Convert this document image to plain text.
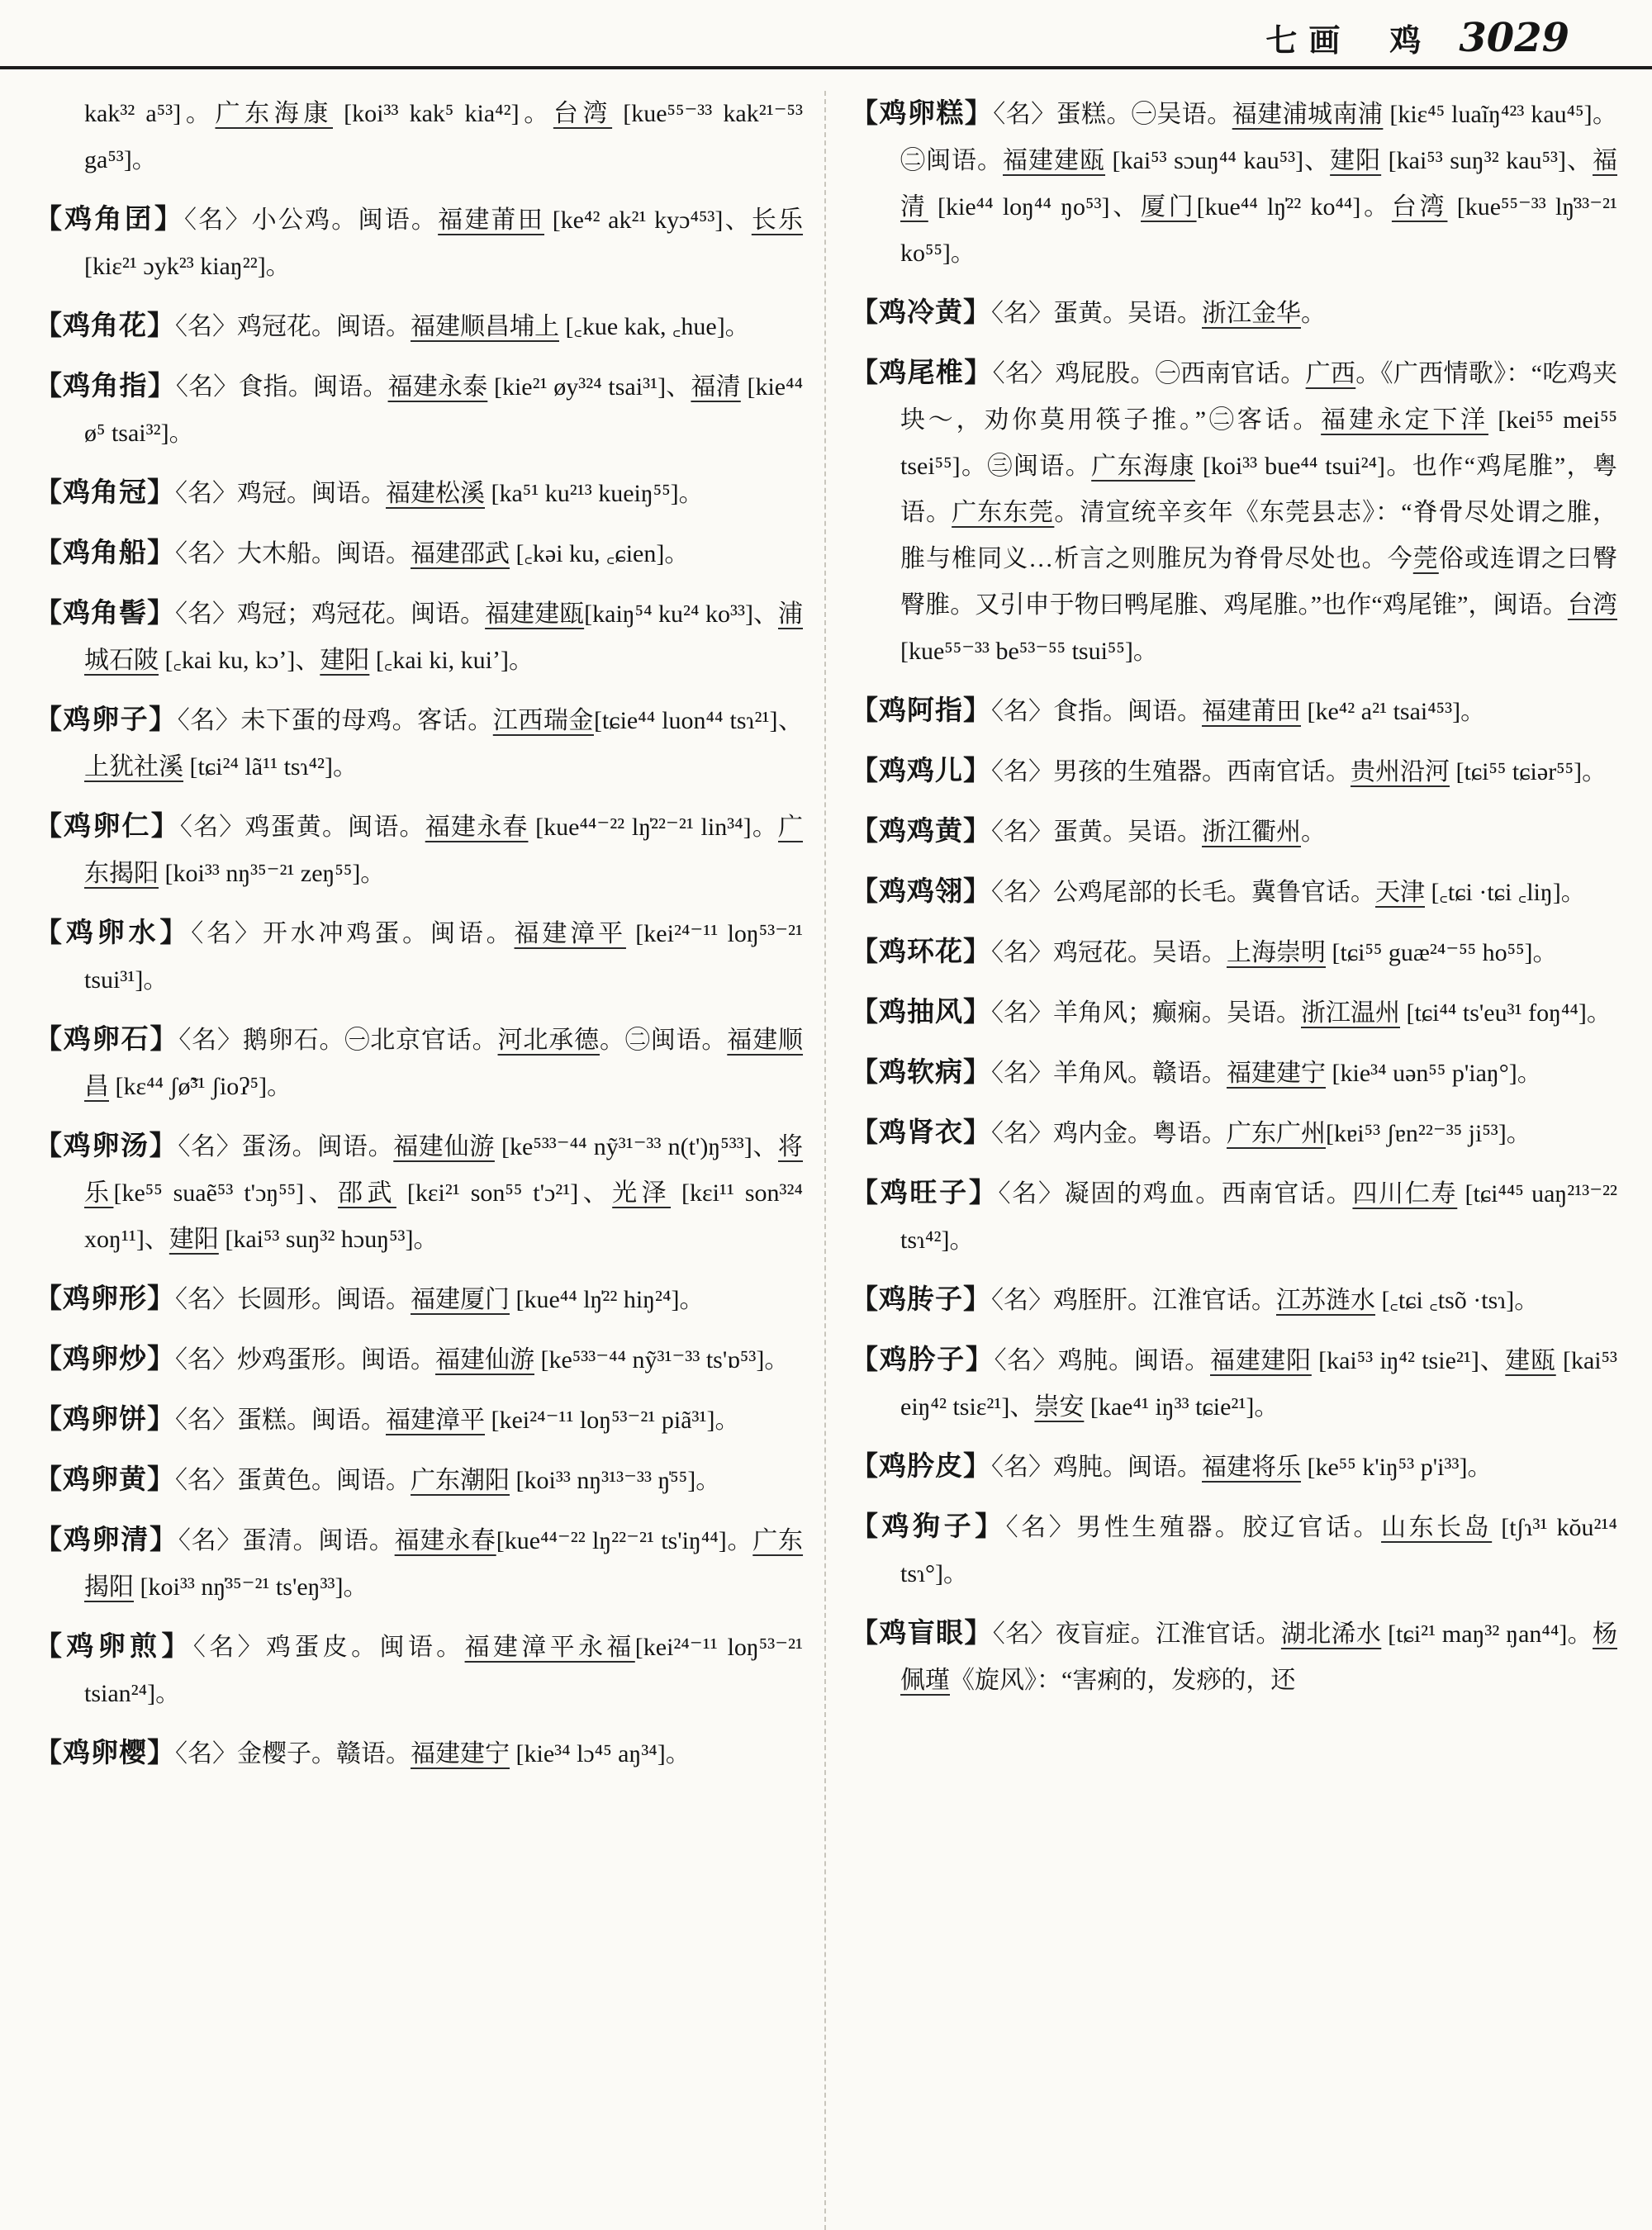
七画 鸡 3029
kak³² a⁵³]。广东海康 [koi³³ kak⁵ kia⁴²]。台湾 [kue⁵⁵⁻³³ kak²¹⁻⁵³ ga⁵³]。
【鸡角囝】〈名〉小公鸡。闽语。福建莆田 [ke⁴² ak²¹ kyɔ⁴⁵³]、长乐 [kiɛ²¹ ɔyk²³ kiaŋ²²]。
【鸡角花】〈名〉鸡冠花。闽语。福建顺昌埔上 [꜀kue kak, ꜀hue]。
【鸡角指】〈名〉食指。闽语。福建永泰 [kie²¹ øy³²⁴ tsai³¹]、福清 [kie⁴⁴ ø⁵ tsai³²]。
【鸡角冠】〈名〉鸡冠。闽语。福建松溪 [ka⁵¹ ku²¹³ kueiŋ⁵⁵]。
【鸡角船】〈名〉大木船。闽语。福建邵武 [꜀kəi ku, ꜀ɕien]。
【鸡角髻】〈名〉鸡冠；鸡冠花。闽语。福建建瓯[kaiŋ⁵⁴ ku²⁴ ko³³]、浦城石陂 [꜀kai ku, kɔʼ]、建阳 [꜀kai ki, kuiʼ]。
【鸡卵子】〈名〉未下蛋的母鸡。客话。江西瑞金[tɕie⁴⁴ luon⁴⁴ tsɿ²¹]、上犹社溪 [tɕi²⁴ lã¹¹ tsɿ⁴²]。
【鸡卵仁】〈名〉鸡蛋黄。闽语。福建永春 [kue⁴⁴⁻²² lŋ̍²²⁻²¹ lin³⁴]。广东揭阳 [koi³³ nŋ³⁵⁻²¹ zeŋ⁵⁵]。
【鸡卵水】〈名〉开水冲鸡蛋。闽语。福建漳平 [kei²⁴⁻¹¹ loŋ⁵³⁻²¹ tsui³¹]。
【鸡卵石】〈名〉鹅卵石。㊀北京官话。河北承德。㊁闽语。福建顺昌 [kɛ⁴⁴ ʃø̃³¹ ʃioʔ⁵]。
【鸡卵汤】〈名〉蛋汤。闽语。福建仙游 [ke⁵³³⁻⁴⁴ nỹ³¹⁻³³ n(t')ŋ⁵³³]、将乐[ke⁵⁵ suaẽ⁵³ t'ɔŋ⁵⁵]、邵武 [kɛi²¹ son⁵⁵ t'ɔ²¹]、光泽 [kɛi¹¹ son³²⁴ xoŋ¹¹]、建阳 [kai⁵³ suŋ³² hɔuŋ⁵³]。
【鸡卵形】〈名〉长圆形。闽语。福建厦门 [kue⁴⁴ lŋ̍²² hiŋ²⁴]。
【鸡卵炒】〈名〉炒鸡蛋形。闽语。福建仙游 [ke⁵³³⁻⁴⁴ nỹ³¹⁻³³ ts'ɒ⁵³]。
【鸡卵饼】〈名〉蛋糕。闽语。福建漳平 [kei²⁴⁻¹¹ loŋ⁵³⁻²¹ piã³¹]。
【鸡卵黄】〈名〉蛋黄色。闽语。广东潮阳 [koi³³ nŋ³¹³⁻³³ ŋ̍⁵⁵]。
【鸡卵清】〈名〉蛋清。闽语。福建永春[kue⁴⁴⁻²² lŋ²²⁻²¹ ts'iŋ⁴⁴]。广东揭阳 [koi³³ nŋ̍³⁵⁻²¹ ts'eŋ³³]。
【鸡卵煎】〈名〉鸡蛋皮。闽语。福建漳平永福[kei²⁴⁻¹¹ loŋ⁵³⁻²¹ tsian²⁴]。
【鸡卵樱】〈名〉金樱子。赣语。福建建宁 [kie³⁴ lɔ⁴⁵ aŋ³⁴]。
【鸡卵糕】〈名〉蛋糕。㊀吴语。福建浦城南浦 [kiɛ⁴⁵ luaĩŋ⁴²³ kau⁴⁵]。㊁闽语。福建建瓯 [kai⁵³ sɔuŋ⁴⁴ kau⁵³]、建阳 [kai⁵³ suŋ³² kau⁵³]、福清 [kie⁴⁴ loŋ⁴⁴ ŋo⁵³]、厦门[kue⁴⁴ lŋ̍²² ko⁴⁴]。台湾 [kue⁵⁵⁻³³ lŋ̍³³⁻²¹ ko⁵⁵]。
【鸡冷黄】〈名〉蛋黄。吴语。浙江金华。
【鸡尾椎】〈名〉鸡屁股。㊀西南官话。广西。《广西情歌》：“吃鸡夹块～，劝你莫用筷子推。”㊁客话。福建永定下洋 [kei⁵⁵ mei⁵⁵ tsei⁵⁵]。㊂闽语。广东海康 [koi³³ bue⁴⁴ tsui²⁴]。也作“鸡尾脽”，粤语。广东东莞。清宣统辛亥年《东莞县志》：“脊骨尽处谓之脽，脽与椎同义…析言之则脽尻为脊骨尽处也。今莞俗或连谓之曰臀臀脽。又引申于物曰鸭尾脽、鸡尾脽。”也作“鸡尾锥”，闽语。台湾 [kue⁵⁵⁻³³ be⁵³⁻⁵⁵ tsui⁵⁵]。
【鸡阿指】〈名〉食指。闽语。福建莆田 [ke⁴² a²¹ tsai⁴⁵³]。
【鸡鸡儿】〈名〉男孩的生殖器。西南官话。贵州沿河 [tɕi⁵⁵ tɕiər⁵⁵]。
【鸡鸡黄】〈名〉蛋黄。吴语。浙江衢州。
【鸡鸡翎】〈名〉公鸡尾部的长毛。冀鲁官话。天津 [꜀tɕi ·tɕi ꜀liŋ]。
【鸡环花】〈名〉鸡冠花。吴语。上海崇明 [tɕi⁵⁵ guæ²⁴⁻⁵⁵ ho⁵⁵]。
【鸡抽风】〈名〉羊角风；癫痫。吴语。浙江温州 [tɕi⁴⁴ ts'eu³¹ foŋ⁴⁴]。
【鸡软病】〈名〉羊角风。赣语。福建建宁 [kie³⁴ uən⁵⁵ p'iaŋ°]。
【鸡肾衣】〈名〉鸡内金。粤语。广东广州[kɐi⁵³ ʃɐn²²⁻³⁵ ji⁵³]。
【鸡旺子】〈名〉凝固的鸡血。西南官话。四川仁寿 [tɕi⁴⁴⁵ uaŋ²¹³⁻²² tsɿ⁴²]。
【鸡䏝子】〈名〉鸡胵肝。江淮官话。江苏涟水 [꜀tɕi ꜀tsõ ·tsɿ]。
【鸡肣子】〈名〉鸡肫。闽语。福建建阳 [kai⁵³ iŋ⁴² tsie²¹]、建瓯 [kai⁵³ eiŋ⁴² tsiɛ²¹]、崇安 [kae⁴¹ iŋ³³ tɕie²¹]。
【鸡肣皮】〈名〉鸡肫。闽语。福建将乐 [ke⁵⁵ k'iŋ⁵³ p'i³³]。
【鸡狗子】〈名〉男性生殖器。胶辽官话。山东长岛 [tʃɿ³¹ kŏu²¹⁴ tsɿ°]。
【鸡盲眼】〈名〉夜盲症。江淮官话。湖北浠水 [tɕi²¹ maŋ³² ŋan⁴⁴]。杨佩瑾《旋风》：“害痢的，发痧的，还
